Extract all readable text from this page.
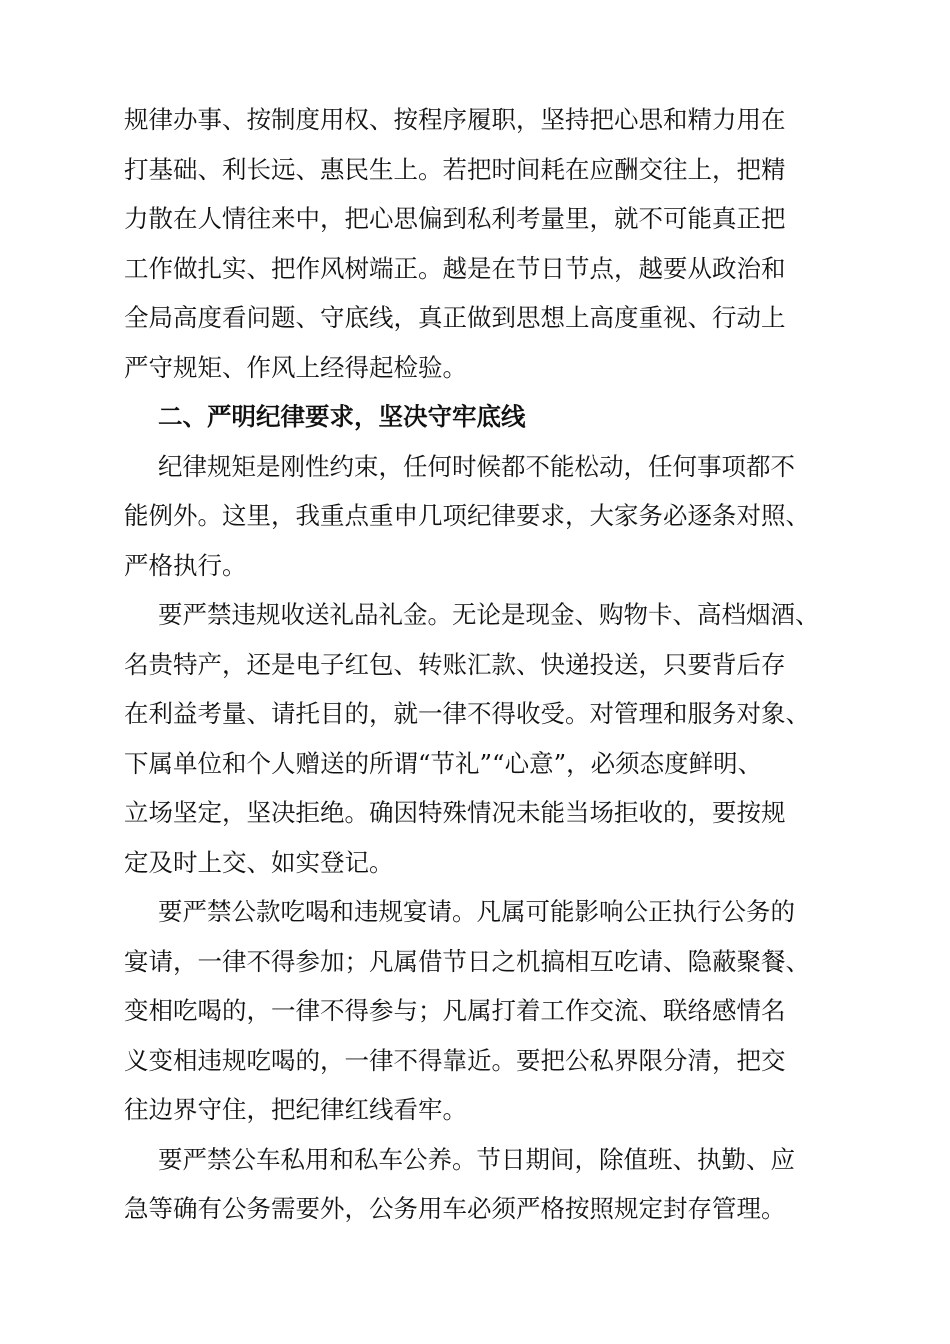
规律办事、按制度用权、按程序履职，坚持把心思和精力用在
打基础、利长远、惠民生上。若把时间耗在应酬交往上，把精
力散在人情往来中，把心思偏到私利考量里，就不可能真正把
工作做扎实、把作风树端正。越是在节日节点，越要从政治和
全局高度看问题、守底线，真正做到思想上高度重视、行动上
严守规矩、作风上经得起检验。
二、严明纪律要求，坚决守牢底线
纪律规矩是刚性约束，任何时候都不能松动，任何事项都不
能例外。这里，我重点重申几项纪律要求，大家务必逐条对照、
严格执行。
要严禁违规收送礼品礼金。无论是现金、购物卡、高档烟酒、
名贵特产，还是电子红包、转账汇款、快递投送，只要背后存
在利益考量、请托目的，就一律不得收受。对管理和服务对象、
下属单位和个人赠送的所谓“节礼”“心意”，必须态度鲜明、
立场坚定，坚决拒绝。确因特殊情况未能当场拒收的，要按规
定及时上交、如实登记。
要严禁公款吃喝和违规宴请。凡属可能影响公正执行公务的
宴请，一律不得参加；凡属借节日之机搞相互吃请、隐蔽聚餐、
变相吃喝的，一律不得参与；凡属打着工作交流、联络感情名
义变相违规吃喝的，一律不得靠近。要把公私界限分清，把交
往边界守住，把纪律红线看牢。
要严禁公车私用和私车公养。节日期间，除值班、执勤、应
急等确有公务需要外，公务用车必须严格按照规定封存管理。
